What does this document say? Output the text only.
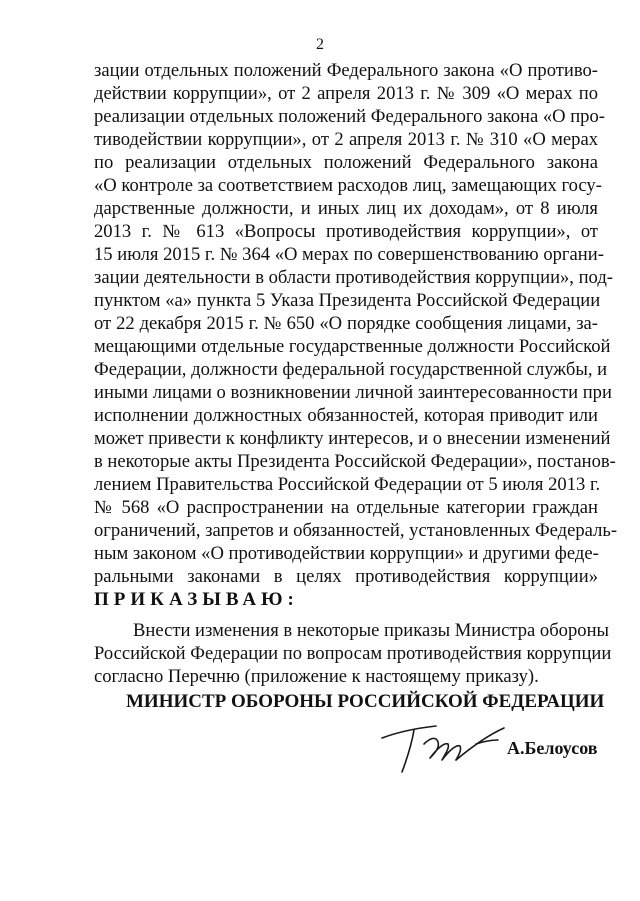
2
зации отдельных положений Федерального закона «О противо-
действии коррупции», от 2 апреля 2013 г. № 309 «О мерах по
реализации отдельных положений Федерального закона «О про-
тиводействии коррупции», от 2 апреля 2013 г. № 310 «О мерах
по реализации отдельных положений Федерального закона
«О контроле за соответствием расходов лиц, замещающих госу-
дарственные должности, и иных лиц их доходам», от 8 июля
2013 г. № 613 «Вопросы противодействия коррупции», от
15 июля 2015 г. № 364 «О мерах по совершенствованию органи-
зации деятельности в области противодействия коррупции», под-
пунктом «а» пункта 5 Указа Президента Российской Федерации
от 22 декабря 2015 г. № 650 «О порядке сообщения лицами, за-
мещающими отдельные государственные должности Российской
Федерации, должности федеральной государственной службы, и
иными лицами о возникновении личной заинтересованности при
исполнении должностных обязанностей, которая приводит или
может привести к конфликту интересов, и о внесении изменений
в некоторые акты Президента Российской Федерации», постанов-
лением Правительства Российской Федерации от 5 июля 2013 г.
№ 568 «О распространении на отдельные категории граждан
ограничений, запретов и обязанностей, установленных Федераль-
ным законом «О противодействии коррупции» и другими феде-
ральными законами в целях противодействия коррупции»
ПРИКАЗЫВАЮ:
Внести изменения в некоторые приказы Министра обороны
Российской Федерации по вопросам противодействия коррупции
согласно Перечню (приложение к настоящему приказу).
МИНИСТР ОБОРОНЫ РОССИЙСКОЙ ФЕДЕРАЦИИ
А.Белоусов
